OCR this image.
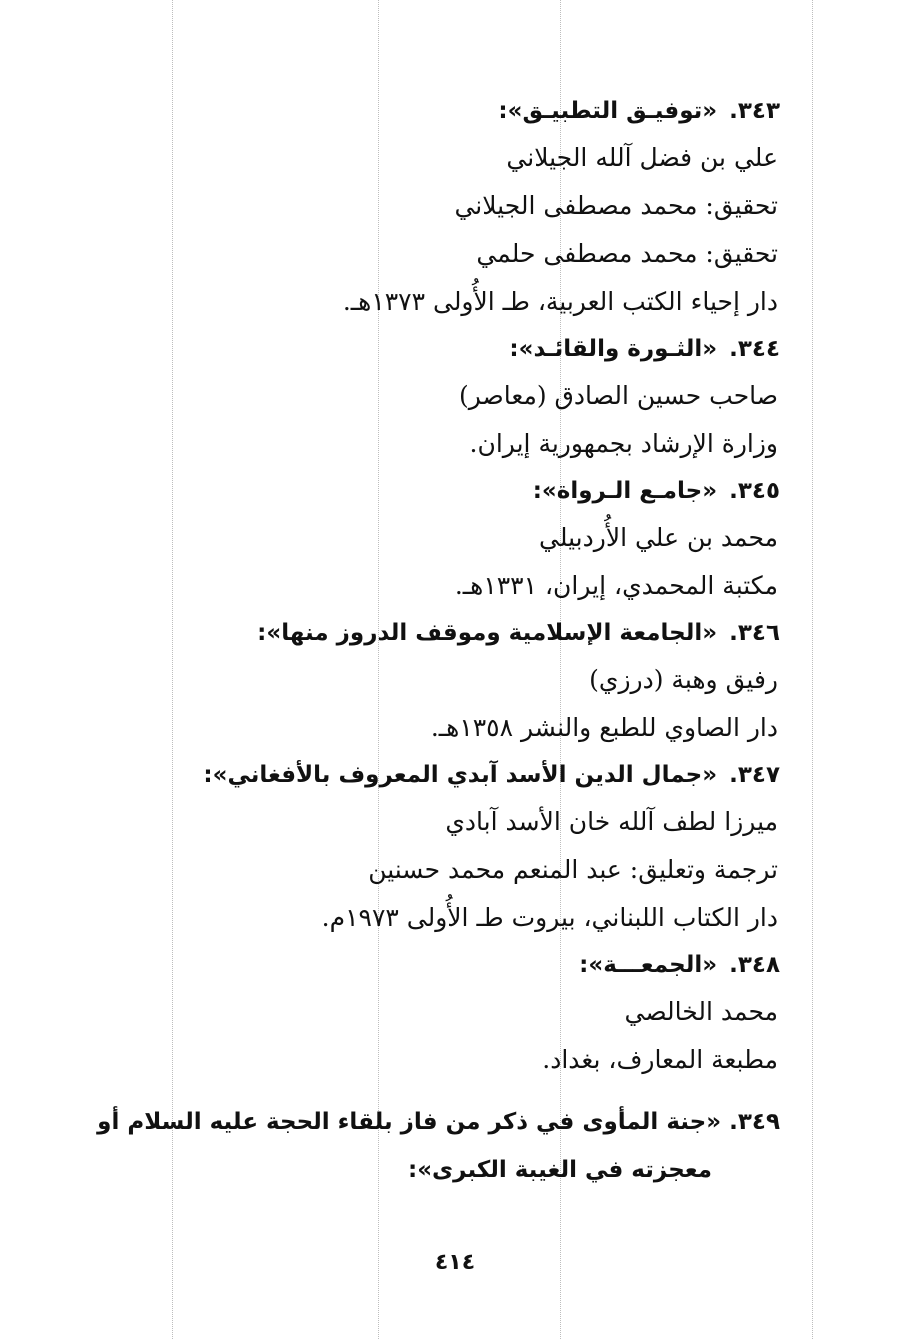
٣٤٣.«توفيـق التطبيـق»:
علي بن فضل آلله الجيلاني
تحقيق: محمد مصطفى الجيلاني
تحقيق: محمد مصطفى حلمي
دار إحياء الكتب العربية، طـ الأُولى ١٣٧٣هـ.
٣٤٤.«الثـورة والقائـد»:
صاحب حسين الصادق (معاصر)
وزارة الإرشاد بجمهورية إيران.
٣٤٥.«جامـع الـرواة»:
محمد بن علي الأُردبيلي
مكتبة المحمدي، إيران، ١٣٣١هـ.
٣٤٦.«الجامعة الإسلامية وموقف الدروز منها»:
رفيق وهبة (درزي)
دار الصاوي للطبع والنشر ١٣٥٨هـ.
٣٤٧.«جمال الدين الأسد آبدي المعروف بالأفغاني»:
ميرزا لطف آلله خان الأسد آبادي
ترجمة وتعليق: عبد المنعم محمد حسنين
دار الكتاب اللبناني، بيروت طـ الأُولى ١٩٧٣م.
٣٤٨.«الجمعـــة»:
محمد الخالصي
مطبعة المعارف، بغداد.
٣٤٩. «جنة المأوى في ذكر من فاز بلقاء الحجة عليه السلام أو
معجزته في الغيبة الكبرى»:
٤١٤
